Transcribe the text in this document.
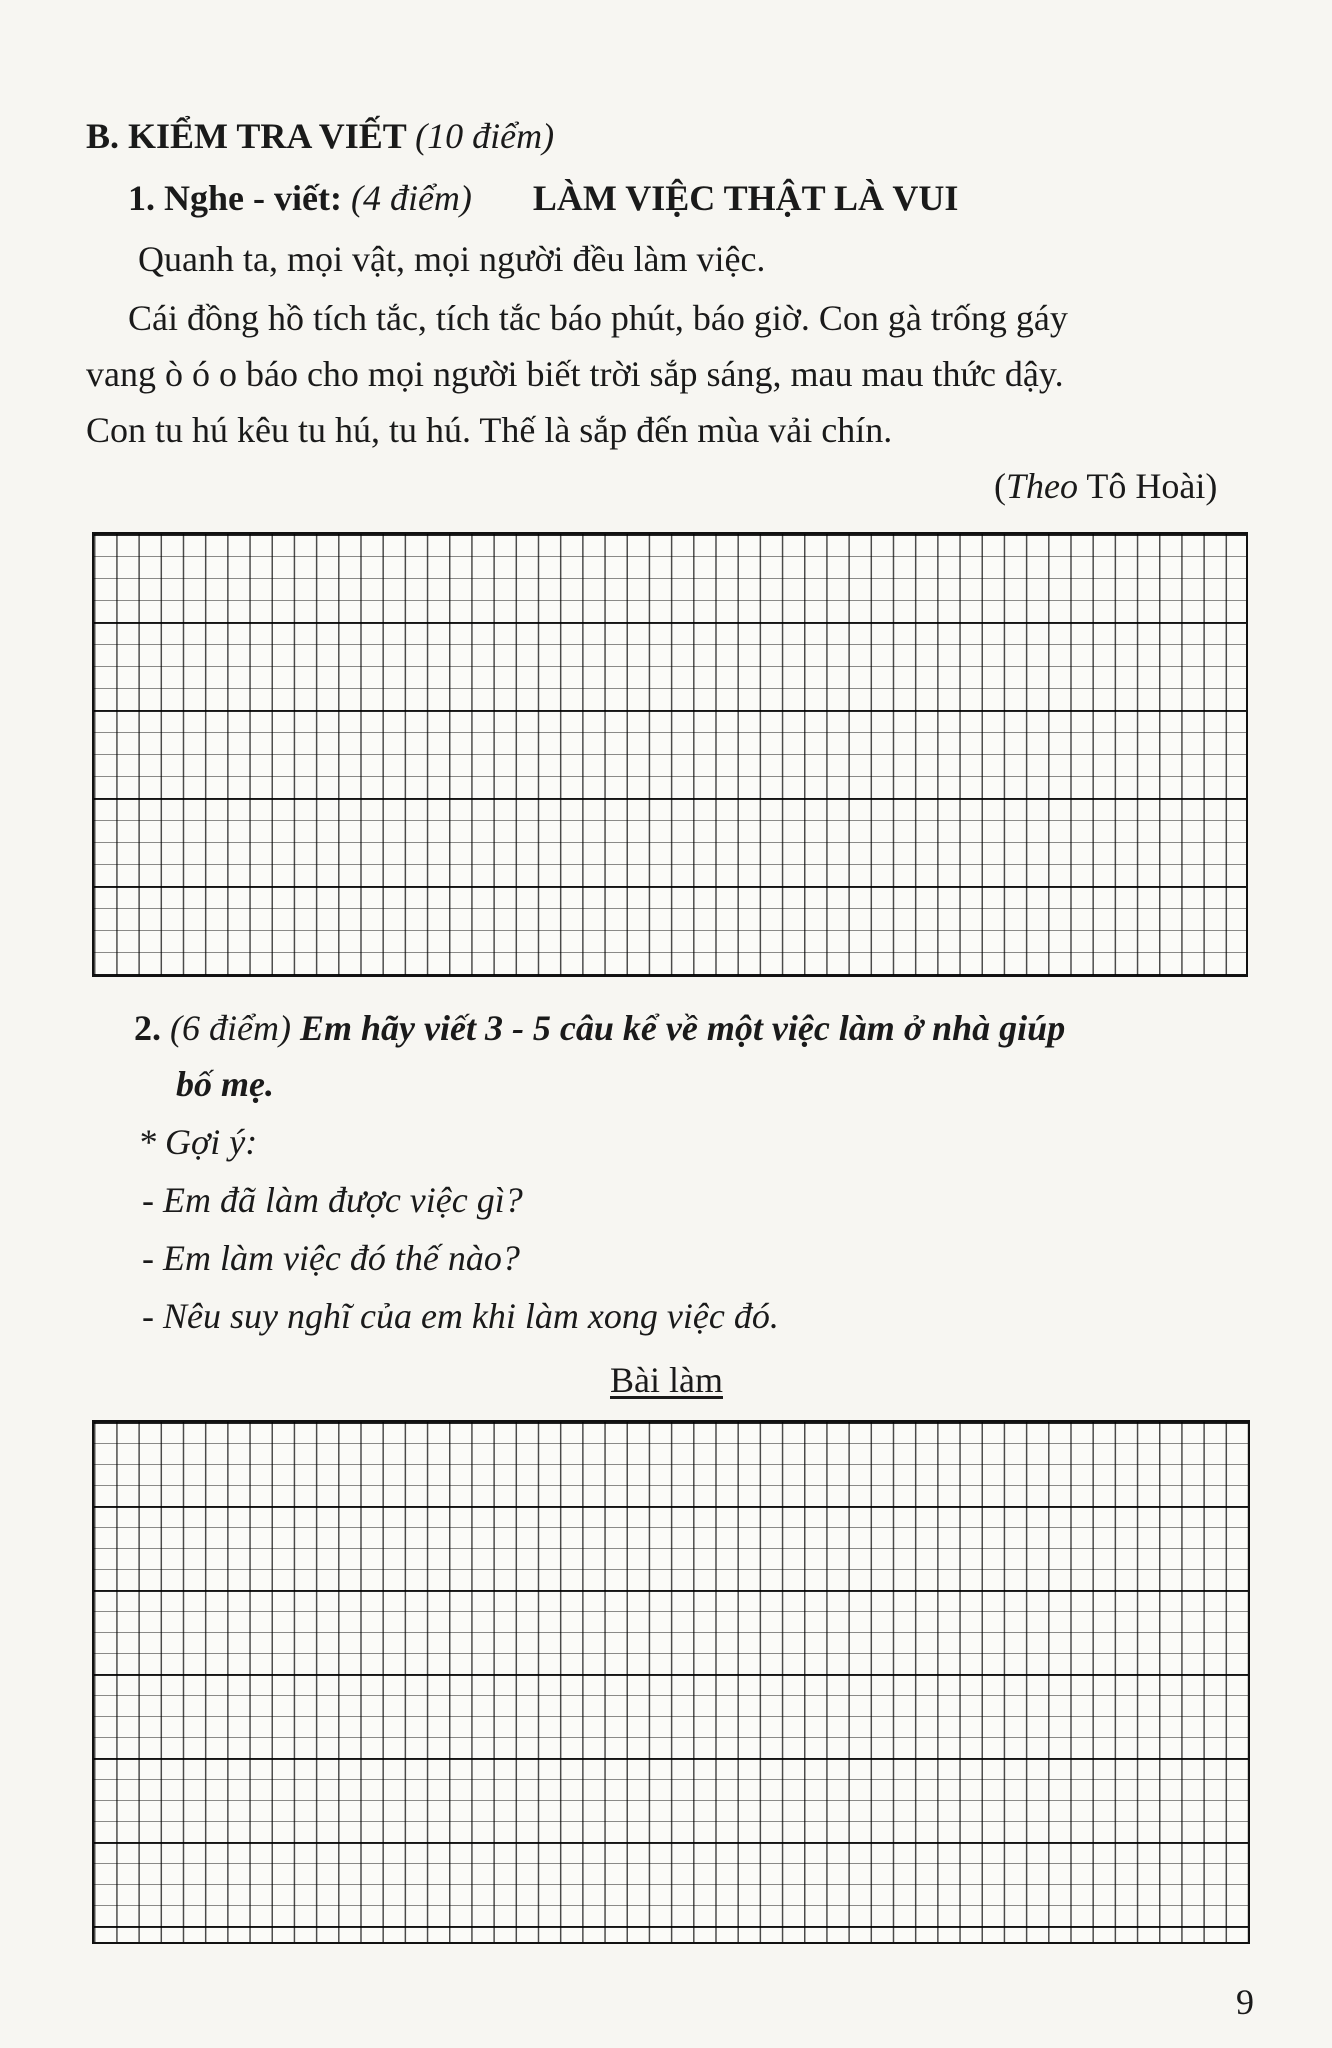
B. KIỂM TRA VIẾT (10 điểm)
1. Nghe - viết: (4 điểm) LÀM VIỆC THẬT LÀ VUI
Quanh ta, mọi vật, mọi người đều làm việc.
Cái đồng hồ tích tắc, tích tắc báo phút, báo giờ. Con gà trống gáy
vang ò ó o báo cho mọi người biết trời sắp sáng, mau mau thức dậy.
Con tu hú kêu tu hú, tu hú. Thế là sắp đến mùa vải chín.
(Theo Tô Hoài)
2. (6 điểm) Em hãy viết 3 - 5 câu kể về một việc làm ở nhà giúp
bố mẹ.
* Gợi ý:
- Em đã làm được việc gì?
- Em làm việc đó thế nào?
- Nêu suy nghĩ của em khi làm xong việc đó.
Bài làm
9
